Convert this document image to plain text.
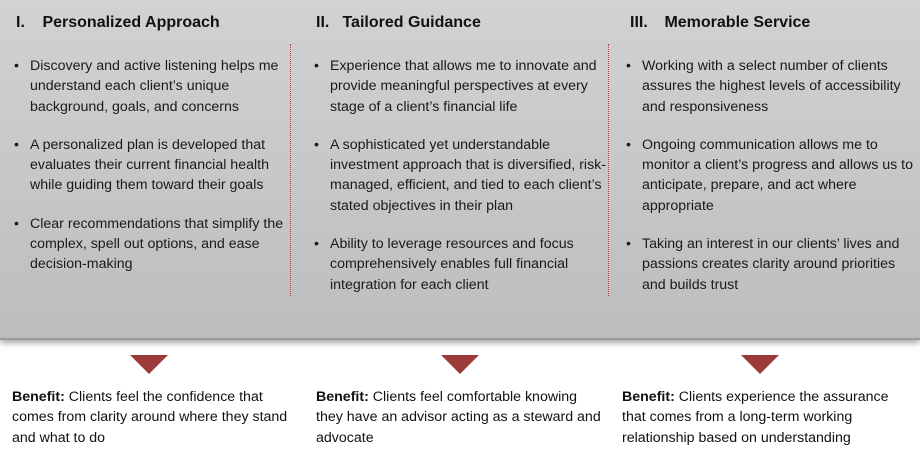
I. Personalized Approach
• Discovery and active listening helps me understand each client’s unique background, goals, and concerns
• A personalized plan is developed that evaluates their current financial health while guiding them toward their goals
• Clear recommendations that simplify the complex, spell out options, and ease decision-making
II. Tailored Guidance
• Experience that allows me to innovate and provide meaningful perspectives at every stage of a client’s financial life
• A sophisticated yet understandable investment approach that is diversified, risk-managed, efficient, and tied to each client’s stated objectives in their plan
• Ability to leverage resources and focus comprehensively enables full financial integration for each client
III. Memorable Service
• Working with a select number of clients assures the highest levels of accessibility and responsiveness
• Ongoing communication allows me to monitor a client’s progress and allows us to anticipate, prepare, and act where appropriate
• Taking an interest in our clients’ lives and passions creates clarity around priorities and builds trust
Benefit: Clients feel the confidence that comes from clarity around where they stand and what to do
Benefit: Clients feel comfortable knowing they have an advisor acting as a steward and advocate
Benefit: Clients experience the assurance that comes from a long-term working relationship based on understanding
